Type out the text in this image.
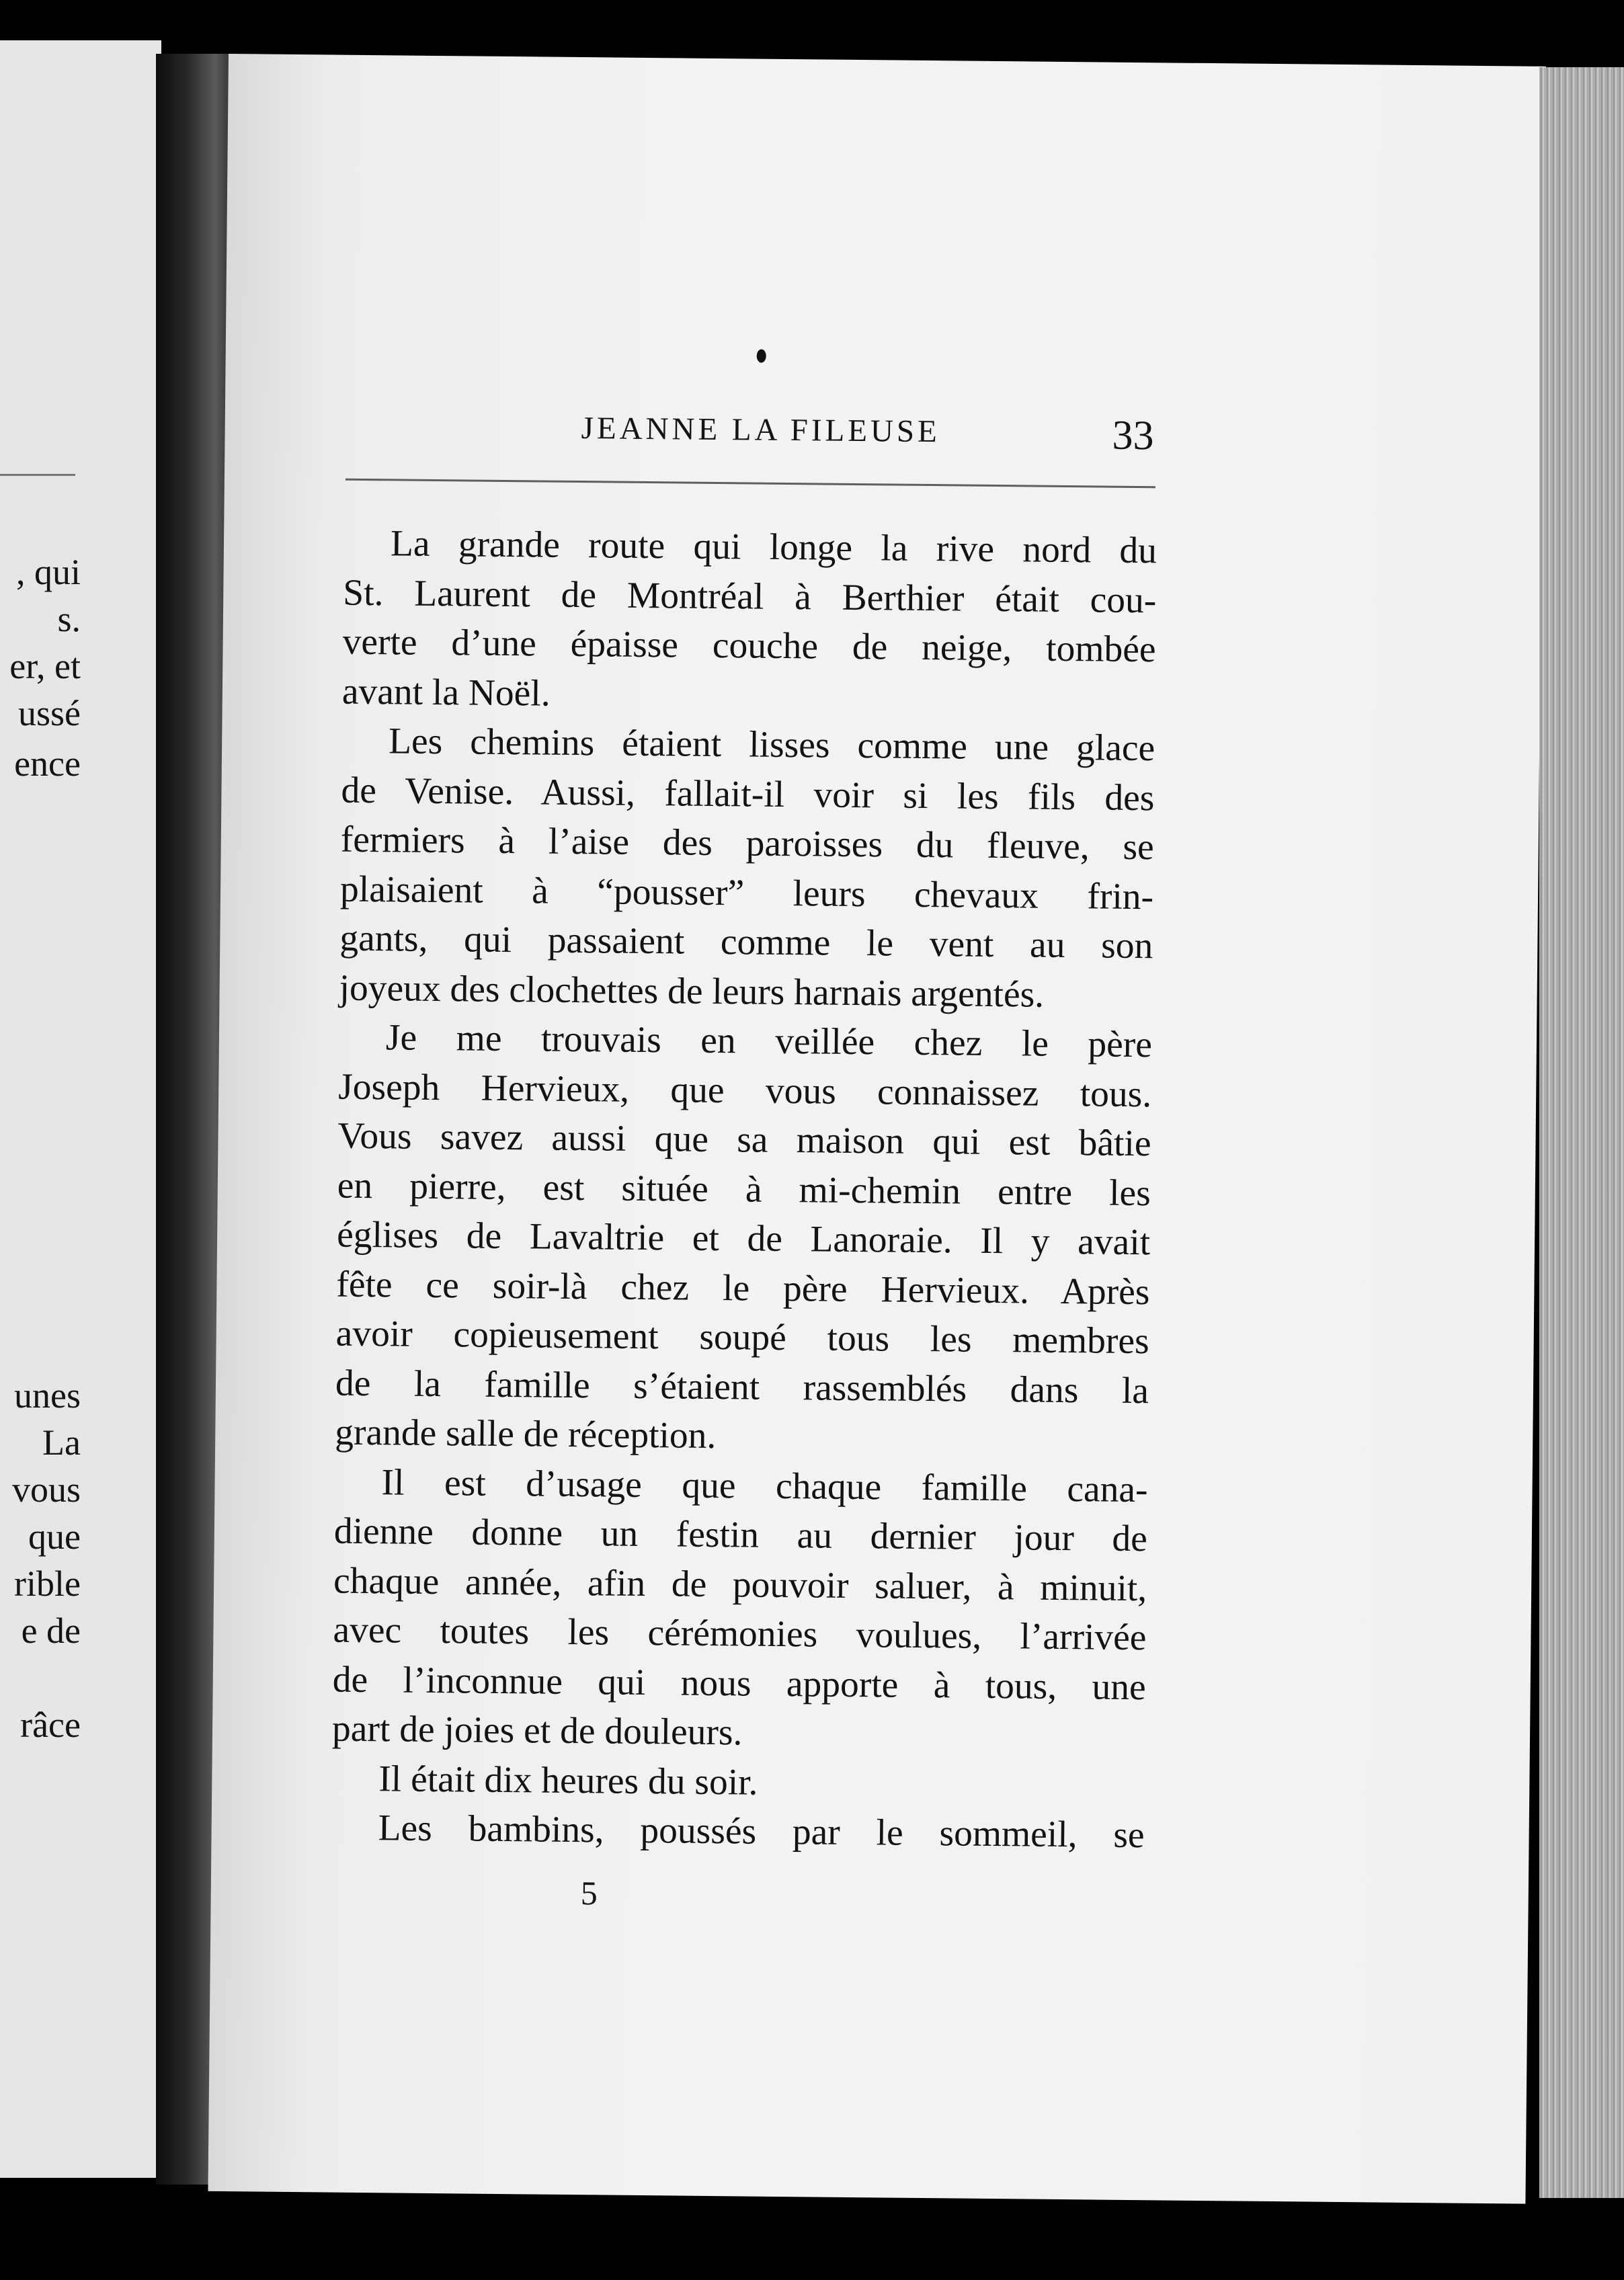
, qui
s.
er, et
ussé
ence
unes
La
vous
que
rible
e de
râce
JEANNE LA FILEUSE	33
La grande route qui longe la rive nord du
St. Laurent de Montréal à Berthier était cou-
verte d’une épaisse couche de neige, tombée
avant la Noël.
Les chemins étaient lisses comme une glace
de Venise. Aussi, fallait-il voir si les fils des
fermiers à l’aise des paroisses du fleuve, se
plaisaient à “pousser” leurs chevaux frin-
gants, qui passaient comme le vent au son
joyeux des clochettes de leurs harnais argentés.
Je me trouvais en veillée chez le père
Joseph Hervieux, que vous connaissez tous.
Vous savez aussi que sa maison qui est bâtie
en pierre, est située à mi-chemin entre les
églises de Lavaltrie et de Lanoraie. Il y avait
fête ce soir-là chez le père Hervieux. Après
avoir copieusement soupé tous les membres
de la famille s’étaient rassemblés dans la
grande salle de réception.
Il est d’usage que chaque famille cana-
dienne donne un festin au dernier jour de
chaque année, afin de pouvoir saluer, à minuit,
avec toutes les cérémonies voulues, l’arrivée
de l’inconnue qui nous apporte à tous, une
part de joies et de douleurs.
Il était dix heures du soir.
Les bambins, poussés par le sommeil, se
5
